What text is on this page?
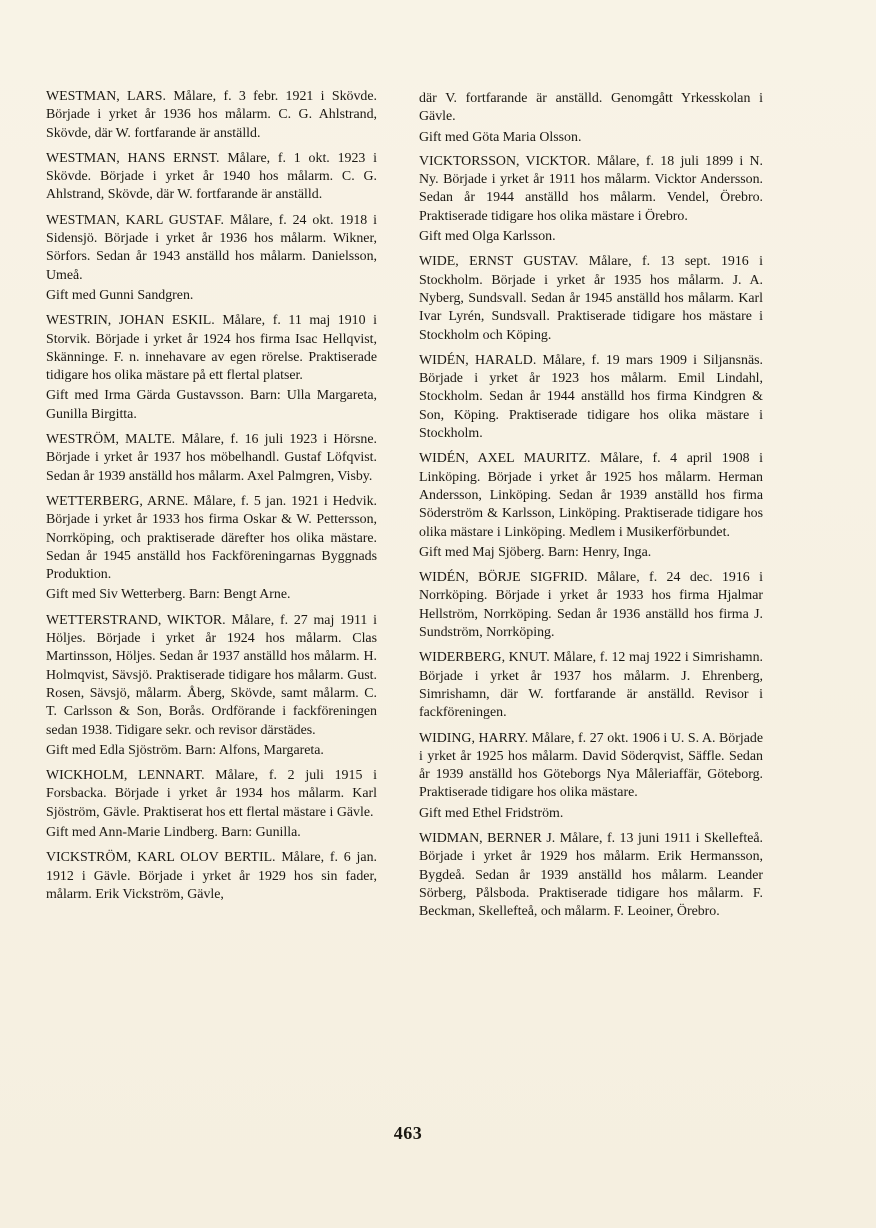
WESTMAN, LARS. Målare, f. 3 febr. 1921 i Skövde. Började i yrket år 1936 hos målarm. C. G. Ahlstrand, Skövde, där W. fortfarande är anställd.

WESTMAN, HANS ERNST. Målare, f. 1 okt. 1923 i Skövde. Började i yrket år 1940 hos målarm. C. G. Ahlstrand, Skövde, där W. fortfarande är anställd.

WESTMAN, KARL GUSTAF. Målare, f. 24 okt. 1918 i Sidensjö. Började i yrket år 1936 hos målarm. Wikner, Sörfors. Sedan år 1943 anställd hos målarm. Danielsson, Umeå.

Gift med Gunni Sandgren.

WESTRIN, JOHAN ESKIL. Målare, f. 11 maj 1910 i Storvik. Började i yrket år 1924 hos firma Isac Hellqvist, Skänninge. F. n. innehavare av egen rörelse. Praktiserade tidigare hos olika mästare på ett flertal platser.

Gift med Irma Gärda Gustavsson. Barn: Ulla Margareta, Gunilla Birgitta.

WESTRÖM, MALTE. Målare, f. 16 juli 1923 i Hörsne. Började i yrket år 1937 hos möbelhandl. Gustaf Löfqvist. Sedan år 1939 anställd hos målarm. Axel Palmgren, Visby.

WETTERBERG, ARNE. Målare, f. 5 jan. 1921 i Hedvik. Började i yrket år 1933 hos firma Oskar & W. Pettersson, Norrköping, och praktiserade därefter hos olika mästare. Sedan år 1945 anställd hos Fackföreningarnas Byggnads Produktion.

Gift med Siv Wetterberg. Barn: Bengt Arne.

WETTERSTRAND, WIKTOR. Målare, f. 27 maj 1911 i Höljes. Började i yrket år 1924 hos målarm. Clas Martinsson, Höljes. Sedan år 1937 anställd hos målarm. H. Holmqvist, Sävsjö. Praktiserade tidigare hos målarm. Gust. Rosen, Sävsjö, målarm. Åberg, Skövde, samt målarm. C. T. Carlsson & Son, Borås. Ordförande i fackföreningen sedan 1938. Tidigare sekr. och revisor därstädes.

Gift med Edla Sjöström. Barn: Alfons, Margareta.

WICKHOLM, LENNART. Målare, f. 2 juli 1915 i Forsbacka. Började i yrket år 1934 hos målarm. Karl Sjöström, Gävle. Praktiserat hos ett flertal mästare i Gävle.

Gift med Ann-Marie Lindberg. Barn: Gunilla.

VICKSTRÖM, KARL OLOV BERTIL. Målare, f. 6 jan. 1912 i Gävle. Började i yrket år 1929 hos sin fader, målarm. Erik Vickström, Gävle,

där V. fortfarande är anställd. Genomgått Yrkesskolan i Gävle.

Gift med Göta Maria Olsson.

VICKTORSSON, VICKTOR. Målare, f. 18 juli 1899 i N. Ny. Började i yrket år 1911 hos målarm. Vicktor Andersson. Sedan år 1944 anställd hos målarm. Vendel, Örebro. Praktiserade tidigare hos olika mästare i Örebro.

Gift med Olga Karlsson.

WIDE, ERNST GUSTAV. Målare, f. 13 sept. 1916 i Stockholm. Började i yrket år 1935 hos målarm. J. A. Nyberg, Sundsvall. Sedan år 1945 anställd hos målarm. Karl Ivar Lyrén, Sundsvall. Praktiserade tidigare hos mästare i Stockholm och Köping.

WIDÉN, HARALD. Målare, f. 19 mars 1909 i Siljansnäs. Började i yrket år 1923 hos målarm. Emil Lindahl, Stockholm. Sedan år 1944 anställd hos firma Kindgren & Son, Köping. Praktiserade tidigare hos olika mästare i Stockholm.

WIDÉN, AXEL MAURITZ. Målare, f. 4 april 1908 i Linköping. Började i yrket år 1925 hos målarm. Herman Andersson, Linköping. Sedan år 1939 anställd hos firma Söderström & Karlsson, Linköping. Praktiserade tidigare hos olika mästare i Linköping. Medlem i Musikerförbundet.

Gift med Maj Sjöberg. Barn: Henry, Inga.

WIDÉN, BÖRJE SIGFRID. Målare, f. 24 dec. 1916 i Norrköping. Började i yrket år 1933 hos firma Hjalmar Hellström, Norrköping. Sedan år 1936 anställd hos firma J. Sundström, Norrköping.

WIDERBERG, KNUT. Målare, f. 12 maj 1922 i Simrishamn. Började i yrket år 1937 hos målarm. J. Ehrenberg, Simrishamn, där W. fortfarande är anställd. Revisor i fackföreningen.

WIDING, HARRY. Målare, f. 27 okt. 1906 i U. S. A. Började i yrket år 1925 hos målarm. David Söderqvist, Säffle. Sedan år 1939 anställd hos Göteborgs Nya Måleriaffär, Göteborg. Praktiserade tidigare hos olika mästare.

Gift med Ethel Fridström.

WIDMAN, BERNER J. Målare, f. 13 juni 1911 i Skellefteå. Började i yrket år 1929 hos målarm. Erik Hermansson, Bygdeå. Sedan år 1939 anställd hos målarm. Leander Sörberg, Pålsboda. Praktiserade tidigare hos målarm. F. Beckman, Skellefteå, och målarm. F. Leoiner, Örebro.

463
